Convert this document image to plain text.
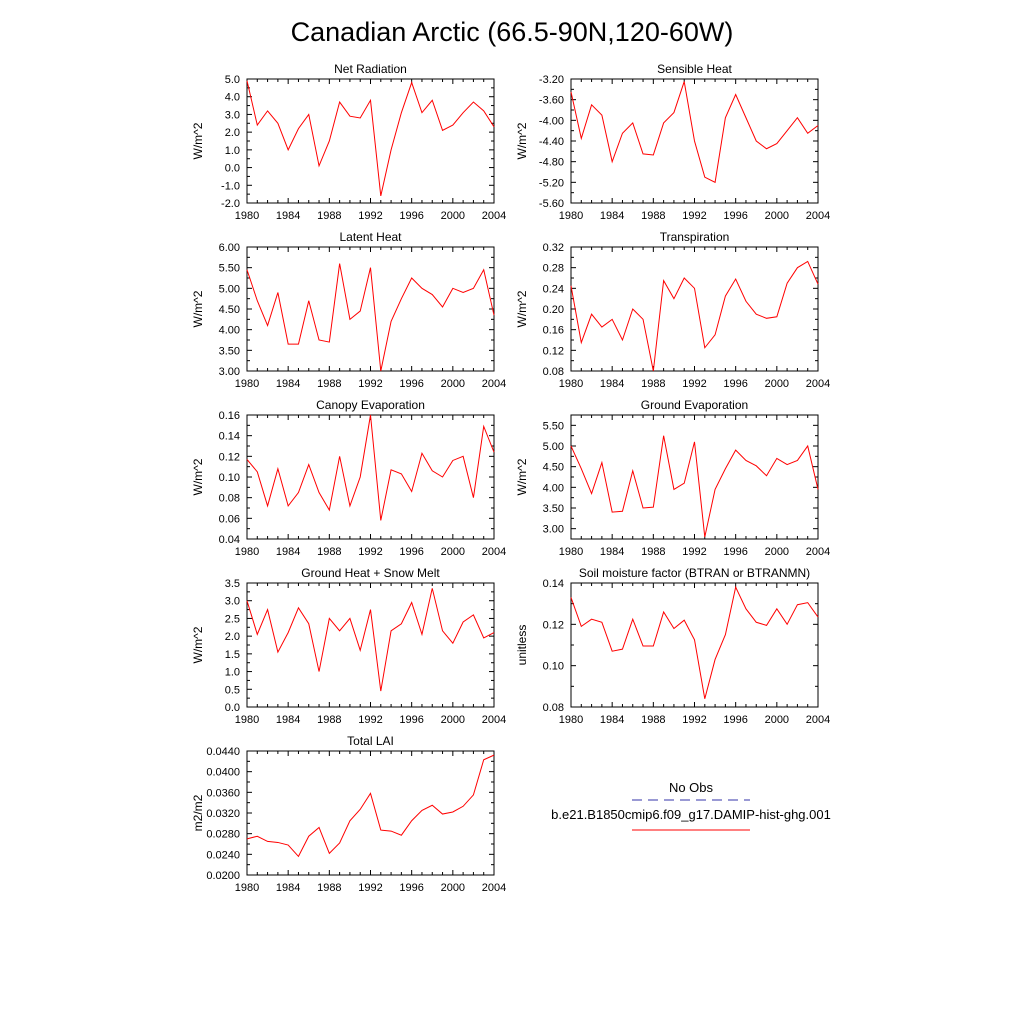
Canadian Arctic (66.5-90N,120-60W)
Net Radiation
W/m^2
1980 1984 1988 1992 1996 2000 2004
5.0
4.0
3.0
2.0
1.0
0.0
-1.0
-2.0
Sensible Heat
W/m^2
1980 1984 1988 1992 1996 2000 2004
-3.20
-3.60
-4.00
-4.40
-4.80
-5.20
-5.60
Latent Heat
W/m^2
1980 1984 1988 1992 1996 2000 2004
6.00
5.50
5.00
4.50
4.00
3.50
3.00
Transpiration
W/m^2
1980 1984 1988 1992 1996 2000 2004
0.32
0.28
0.24
0.20
0.16
0.12
0.08
Canopy Evaporation
W/m^2
1980 1984 1988 1992 1996 2000 2004
0.16
0.14
0.12
0.10
0.08
0.06
0.04
Ground Evaporation
W/m^2
1980 1984 1988 1992 1996 2000 2004
5.50
5.00
4.50
4.00
3.50
3.00
Ground Heat + Snow Melt
W/m^2
1980 1984 1988 1992 1996 2000 2004
3.5
3.0
2.5
2.0
1.5
1.0
0.5
0.0
Soil moisture factor (BTRAN or BTRANMN)
unitless
1980 1984 1988 1992 1996 2000 2004
0.14
0.12
0.10
0.08
Total LAI
m2/m2
1980 1984 1988 1992 1996 2000 2004
0.0440
0.0400
0.0360
0.0320
0.0280
0.0240
0.0200
No Obs
b.e21.B1850cmip6.f09_g17.DAMIP-hist-ghg.001
